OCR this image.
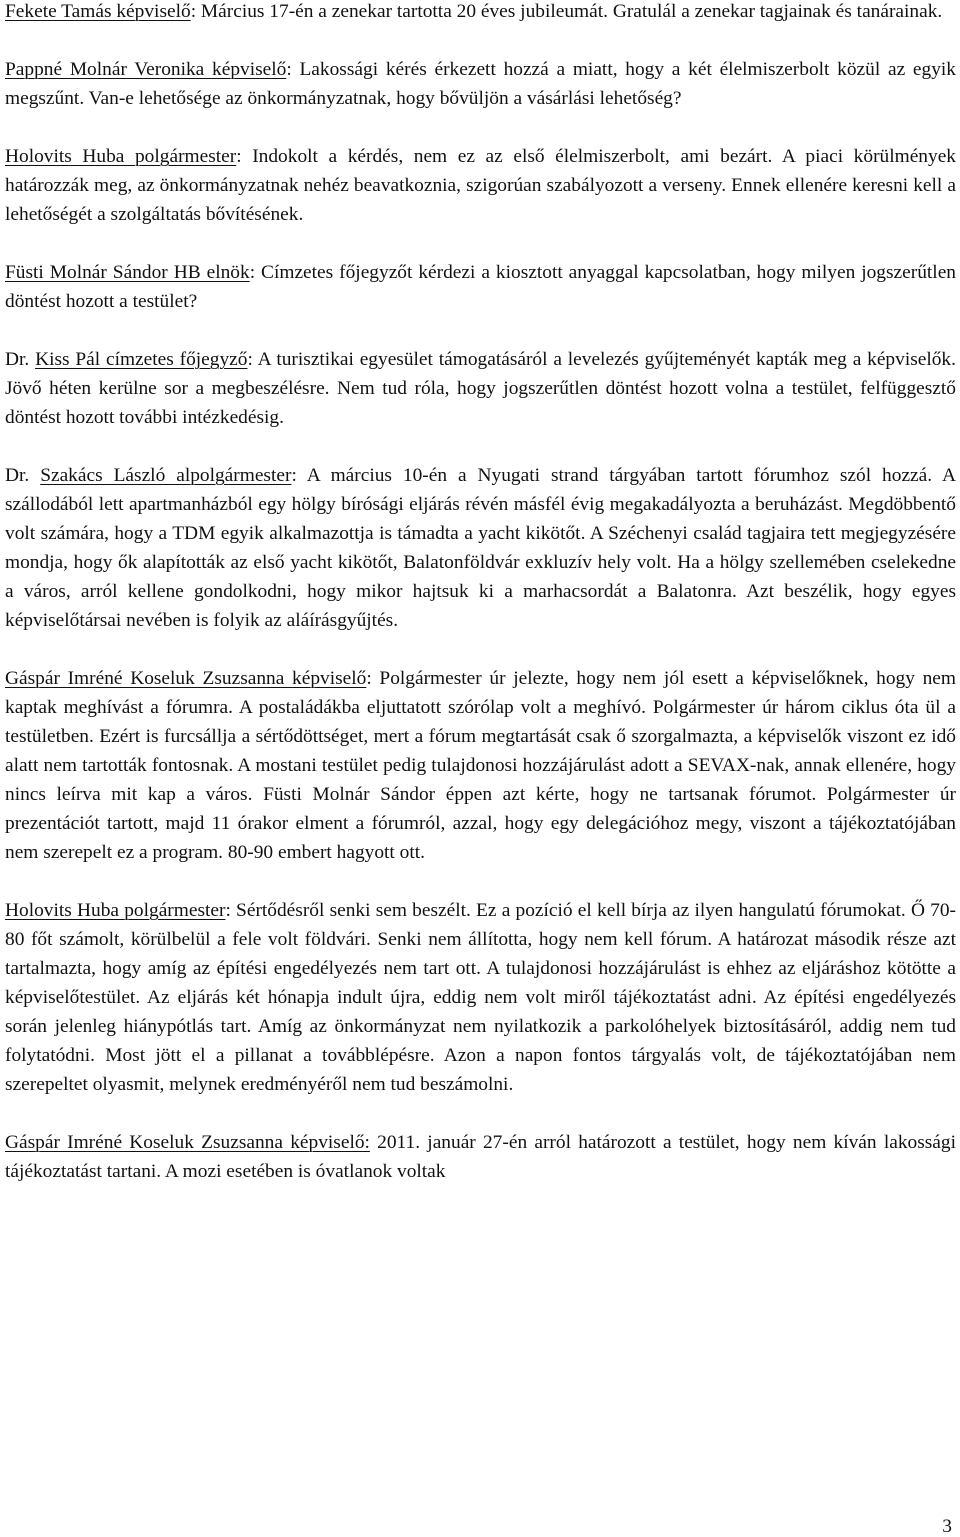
Fekete Tamás képviselő: Március 17-én a zenekar tartotta 20 éves jubileumát. Gratulál a zenekar tagjainak és tanárainak.

Pappné Molnár Veronika képviselő: Lakossági kérés érkezett hozzá a miatt, hogy a két élelmiszerbolt közül az egyik megszűnt. Van-e lehetősége az önkormányzatnak, hogy bővüljön a vásárlási lehetőség?

Holovits Huba polgármester: Indokolt a kérdés, nem ez az első élelmiszerbolt, ami bezárt. A piaci körülmények határozzák meg, az önkormányzatnak nehéz beavatkoznia, szigorúan szabályozott a verseny. Ennek ellenére keresni kell a lehetőségét a szolgáltatás bővítésének.

Füsti Molnár Sándor HB elnök: Címzetes főjegyzőt kérdezi a kiosztott anyaggal kapcsolatban, hogy milyen jogszerűtlen döntést hozott a testület?

Dr. Kiss Pál címzetes főjegyző: A turisztikai egyesület támogatásáról a levelezés gyűjteményét kapták meg a képviselők. Jövő héten kerülne sor a megbeszélésre. Nem tud róla, hogy jogszerűtlen döntést hozott volna a testület, felfüggesztő döntést hozott további intézkedésig.

Dr. Szakács László alpolgármester: A március 10-én a Nyugati strand tárgyában tartott fórumhoz szól hozzá. A szállodából lett apartmanházból egy hölgy bírósági eljárás révén másfél évig megakadályozta a beruházást. Megdöbbentő volt számára, hogy a TDM egyik alkalmazottja is támadta a yacht kikötőt. A Széchenyi család tagjaira tett megjegyzésére mondja, hogy ők alapították az első yacht kikötőt, Balatonföldvár exkluzív hely volt. Ha a hölgy szellemében cselekedne a város, arról kellene gondolkodni, hogy mikor hajtsuk ki a marhacsordát a Balatonra. Azt beszélik, hogy egyes képviselőtársai nevében is folyik az aláírásgyűjtés.

Gáspár Imréné Koseluk Zsuzsanna képviselő: Polgármester úr jelezte, hogy nem jól esett a képviselőknek, hogy nem kaptak meghívást a fórumra. A postaládákba eljuttatott szórólap volt a meghívó. Polgármester úr három ciklus óta ül a testületben. Ezért is furcsállja a sértődöttséget, mert a fórum megtartását csak ő szorgalmazta, a képviselők viszont ez idő alatt nem tartották fontosnak. A mostani testület pedig tulajdonosi hozzájárulást adott a SEVAX-nak, annak ellenére, hogy nincs leírva mit kap a város. Füsti Molnár Sándor éppen azt kérte, hogy ne tartsanak fórumot. Polgármester úr prezentációt tartott, majd 11 órakor elment a fórumról, azzal, hogy egy delegációhoz megy, viszont a tájékoztatójában nem szerepelt ez a program. 80-90 embert hagyott ott.

Holovits Huba polgármester: Sértődésről senki sem beszélt. Ez a pozíció el kell bírja az ilyen hangulatú fórumokat. Ő 70-80 főt számolt, körülbelül a fele volt földvári. Senki nem állította, hogy nem kell fórum. A határozat második része azt tartalmazta, hogy amíg az építési engedélyezés nem tart ott. A tulajdonosi hozzájárulást is ehhez az eljáráshoz kötötte a képviselőtestület. Az eljárás két hónapja indult újra, eddig nem volt miről tájékoztatást adni. Az építési engedélyezés során jelenleg hiánypótlás tart. Amíg az önkormányzat nem nyilatkozik a parkolóhelyek biztosításáról, addig nem tud folytatódni. Most jött el a pillanat a továbblépésre. Azon a napon fontos tárgyalás volt, de tájékoztatójában nem szerepeltet olyasmit, melynek eredményéről nem tud beszámolni.

Gáspár Imréné Koseluk Zsuzsanna képviselő: 2011. január 27-én arról határozott a testület, hogy nem kíván lakossági tájékoztatást tartani. A mozi esetében is óvatlanok voltak

3
